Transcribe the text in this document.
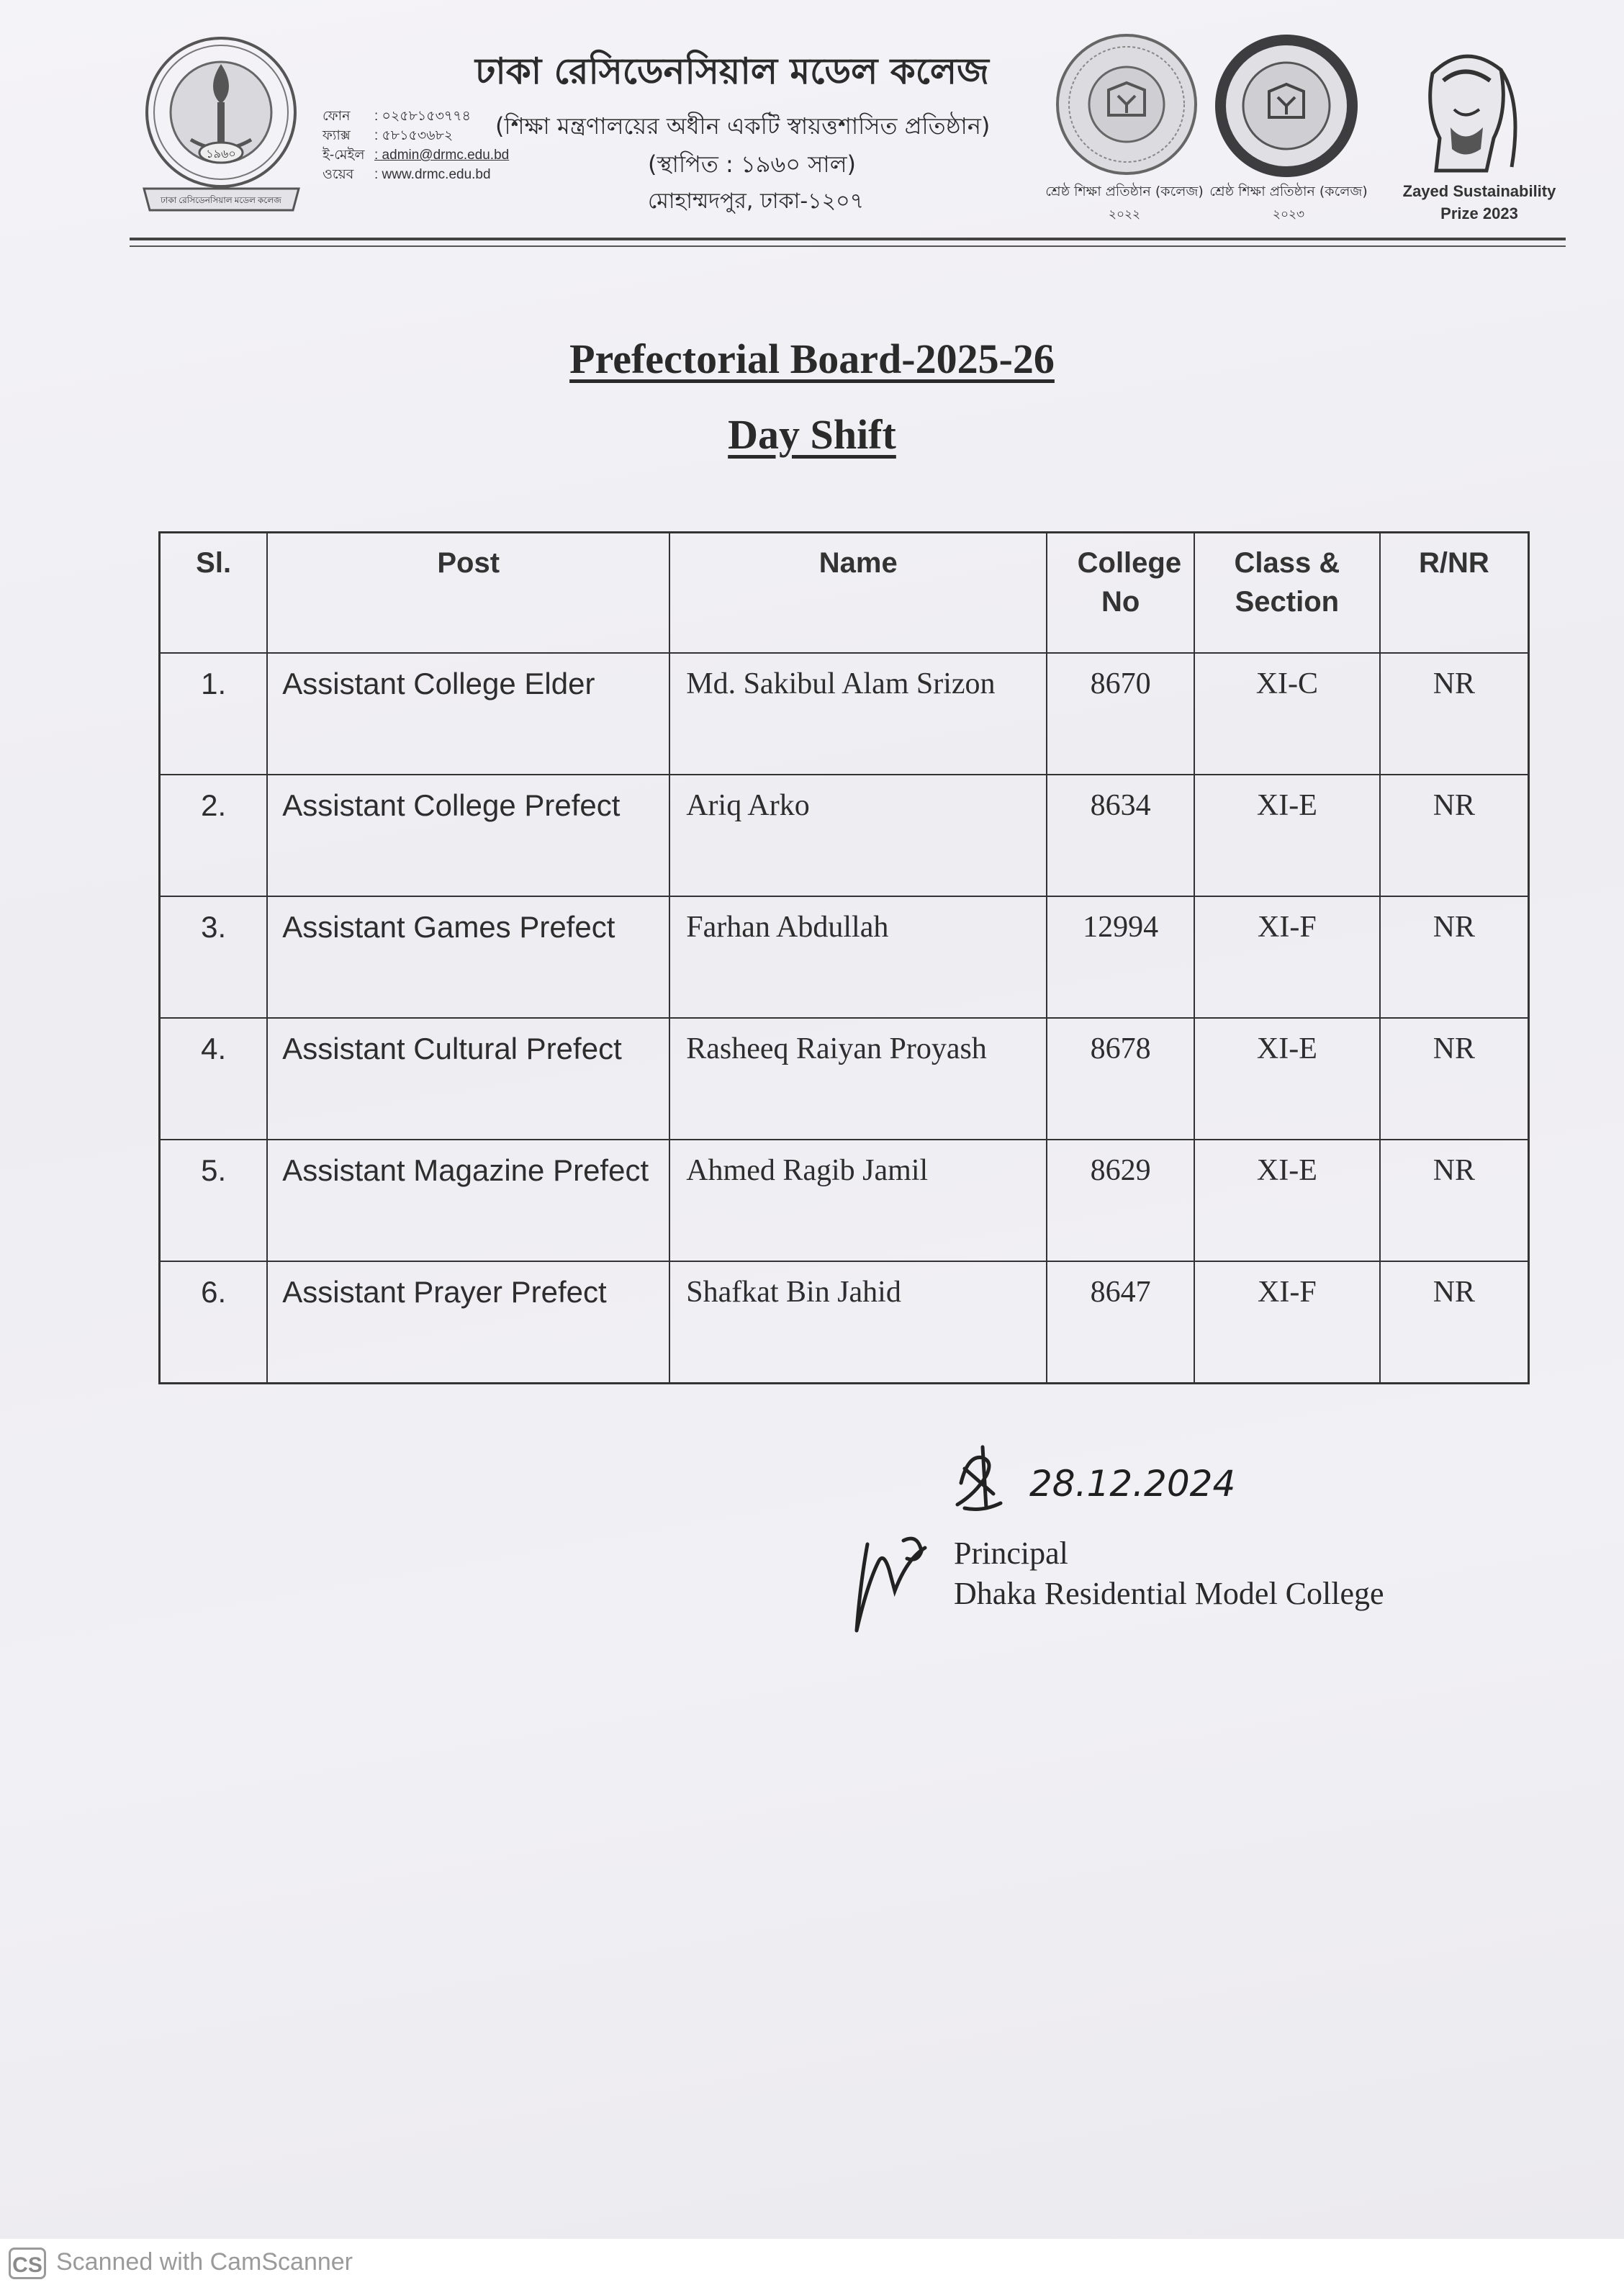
১৯৬০
ঢাকা রেসিডেনসিয়াল মডেল কলেজ
ফোন	: ০২৫৮১৫৩৭৭৪
ফ্যাক্স	: ৫৮১৫৩৬৮২
ই-মেইল : admin@drmc.edu.bd
ওয়েব	: www.drmc.edu.bd
ঢাকা রেসিডেনসিয়াল মডেল কলেজ
(শিক্ষা মন্ত্রণালয়ের অধীন একটি স্বায়ত্তশাসিত প্রতিষ্ঠান)
(স্থাপিত : ১৯৬০ সাল)
মোহাম্মদপুর, ঢাকা-১২০৭	শ্রেষ্ঠ শিক্ষা প্রতিষ্ঠান (কলেজ)
২০২২
শ্রেষ্ঠ শিক্ষা প্রতিষ্ঠান (কলেজ)
২০২৩
Zayed Sustainability
Prize 2023
Prefectorial Board-2025-26
Day Shift
Sl.	Post	Name	College No	Class & Section	R/NR
1.	Assistant College Elder	Md. Sakibul Alam Srizon	8670	XI-C	NR
2.	Assistant College Prefect	Ariq Arko	8634	XI-E	NR
3.	Assistant Games Prefect	Farhan Abdullah	12994	XI-F	NR
4.	Assistant Cultural Prefect	Rasheeq Raiyan Proyash	8678	XI-E	NR
5.	Assistant Magazine Prefect	Ahmed Ragib Jamil	8629	XI-E	NR
6.	Assistant Prayer Prefect	Shafkat Bin Jahid	8647	XI-F	NR
28.12.2024
Principal
Dhaka Residential Model College
CS Scanned with CamScanner
